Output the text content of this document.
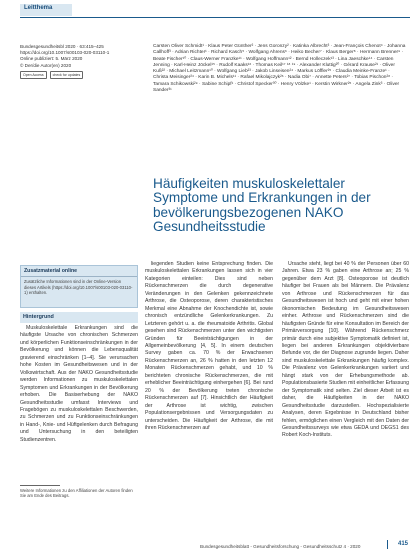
Leitthema
Bundesgesundheitsbl 2020 · 63:415–425
https://doi.org/10.1007/s00103-020-03110-1
Online publiziert: 5. März 2020
© Der/die Autor(en) 2020
Open Access	check for updates
Carsten Oliver Schmidt¹ · Klaus Peter Günther² · Jens Goronzy² · Katinka Albrecht³ · Jean-François Chenot⁴ · Johanna Callhoff³ · Adrian Richter¹ · Richard Kasch⁵ · Wolfgang Ahrens⁶ · Heiko Becher⁷ · Klaus Berger⁸ · Hermann Brenner⁹ · Beate Fischer¹⁰ · Claus-Werner Franzke¹¹ · Wolfgang Hoffmann¹² · Bernd Holleczek¹³ · Lina Jaeschke¹⁴ · Carsten Jenning · Karl-Heinz Jöckel¹⁵ · Rudolf Kaaks¹⁶ · Thomas Keil¹⁷ ¹⁸ ¹⁹ · Alexander Kluttig²⁰ · Gérard Krause²¹ · Oliver Kuß²² · Michael Leitzmann¹⁰ · Wolfgang Lieb²³ · Jakob Linseisen²⁴ · Markus Löffler²⁵ · Claudia Meinke-Franze¹ · Christa Meisinger²⁴ · Karin B. Michels¹¹ · Rafael Mikolajczyk²⁶ · Nadia Obi⁷ · Annette Peters²⁷ · Tobias Pischon²⁸ · Tamara Schikowski²⁹ · Sabine Schipf¹ · Christof Specker³⁰ · Henry Völzke¹ · Kerstin Wirkner²⁵ · Angela Zink³ · Oliver Sander³¹
Häufigkeiten muskuloskelettaler Symptome und Erkrankungen in der bevölkerungsbezogenen NAKO Gesundheitsstudie
Zusatzmaterial online
Zusätzliche Informationen sind in der Online-Version dieses Artikels (https://doi.org/10.1007/s00103-020-03110-1) enthalten.
Hintergrund

Muskuloskelettale Erkrankungen sind die häufigste Ursache von chronischen Schmerzen und körperlichen Funktionseinschränkungen in der Bevölkerung und können die Lebensqualität gravierend einschränken [1–4]. Sie verursachen hohe Kosten im Gesundheitswesen und in der Volkswirtschaft. Aus der NAKO Gesundheitsstudie werden Informationen zu muskuloskelettalen Symptomen und Erkrankungen in der Bevölkerung erhoben. Die Basiserhebung der NAKO Gesundheitsstudie umfasst Interviews und Fragebögen zu muskuloskelettalen Beschwerden, zu Schmerzen und zu Funktionseinschränkungen in Hand-, Knie- und Hüftgelenken durch Befragung und Untersuchung in den beteiligten Studienzentren.

Weitere Informationen zu den Affiliationen der Autoren finden Sie am Ende des Beitrags.

liegenden Studien keine Entsprechung finden. Die muskuloskelettalen Erkrankungen lassen sich in vier Kategorien einteilen: Dies sind neben Rückenschmerzen die durch degenerative Veränderungen in den Gelenken gekennzeichnete Arthrose, die Osteoporose, deren charakteristisches Merkmal eine Abnahme der Knochendichte ist, sowie chronisch entzündliche Gelenkerkrankungen. Zu Letzteren gehört u. a. die rheumatoide Arthritis. Global gesehen sind Rückenschmerzen unter den wichtigsten Gründen für Beeinträchtigungen in der Allgemeinbevölkerung [4, 5]. In einem deutschen Survey gaben ca. 70 % der Erwachsenen Rückenschmerzen an, 26 % hatten in den letzten 12 Monaten Rückenschmerzen gehabt, und 10 % berichteten chronische Rückenschmerzen, die mit erheblicher Beeinträchtigung einhergehen [6]. Bei rund 20 % der Bevölkerung treten chronische Rückenschmerzen auf [7]. Hinsichtlich der Häufigkeit der Arthrose ist wichtig, zwischen Populationsergebnissen und Versorgungsdaten zu unterscheiden. Die Häufigkeit der Arthrose, die mit ihren Rückenschmerzen auf

Ursache steht, liegt bei 40 % der Personen über 60 Jahren. Etwa 23 % gaben eine Arthrose an; 25 % gegenüber dem Arzt [8]. Osteoporose ist deutlich häufiger bei Frauen als bei Männern. Die Prävalenz von Arthrose und Rückenschmerzen für das Gesundheitswesen ist hoch und geht mit einer hohen ökonomischen Bedeutung im Gesundheitswesen einher. Arthrose und Rückenschmerzen sind die häufigsten Gründe für eine Konsultation im Bereich der Primärversorgung [10]. Während Rückenschmerz primär durch eine subjektive Symptomatik definiert ist, liegen bei anderen Erkrankungen objektivierbare Befunde vor, die der Diagnose zugrunde liegen. Daher sind muskuloskelettale Erkrankungen häufig komplex. Die Prävalenz von Gelenkerkrankungen variiert und hängt stark von der Erhebungsmethode ab. Populationsbasierte Studien mit einheitlicher Erfassung der Symptomatik sind selten. Ziel dieser Arbeit ist es daher, die Häufigkeiten in der NAKO Gesundheitsstudie darzustellen. Hochspezialisierte Analysen, deren Ergebnisse in Deutschland bisher fehlen, ermöglichen einen Vergleich mit den Daten der Gesundheitssurveys wie etwa GEDA und DEGS1 des Robert Koch-Instituts.

Bundesgesundheitsblatt - Gesundheitsforschung - Gesundheitsschutz 4 · 2020	415
